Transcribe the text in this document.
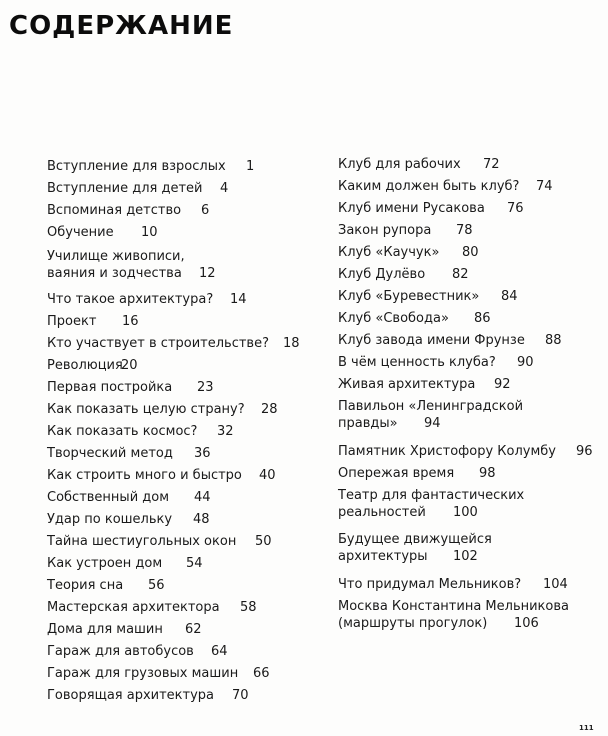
СОДЕРЖАНИЕ
Вступление для взрослых 1
Вступление для детей 4
Вспоминая детство 6
Обучение 10
Училище живописи,
ваяния и зодчества 12
Что такое архитектура? 14
Проект 16
Кто участвует в строительстве? 18
Революция
20
Первая постройка 23
Как показать целую страну? 28
Как показать космос? 32
Творческий метод 36
Как строить много и быстро 40
Собственный дом 44
Удар по кошельку 48
Тайна шестиугольных окон 50
Как устроен дом 54
Теория сна 56
Мастерская архитектора 58
Дома для машин 62
Гараж для автобусов 64
Гараж для грузовых машин 66
Говорящая архитектура 70
Клуб для рабочих 72
Каким должен быть клуб? 74
Клуб имени Русакова 76
Закон рупора 78
Клуб «Каучук» 80
Клуб Дулёво 82
Клуб «Буревестник» 84
Клуб «Свобода» 86
Клуб завода имени Фрунзе 88
В чём ценность клуба? 90
Живая архитектура 92
Павильон «Ленинградской
правды»	94
Памятник Христофору Колумбу 96
Опережая время 98
Театр для фантастических
реальностей	100
Будущее движущейся
архитектуры	102
Что придумал Мельников? 104
Москва Константина Мельникова
(маршруты прогулок)	106
111
